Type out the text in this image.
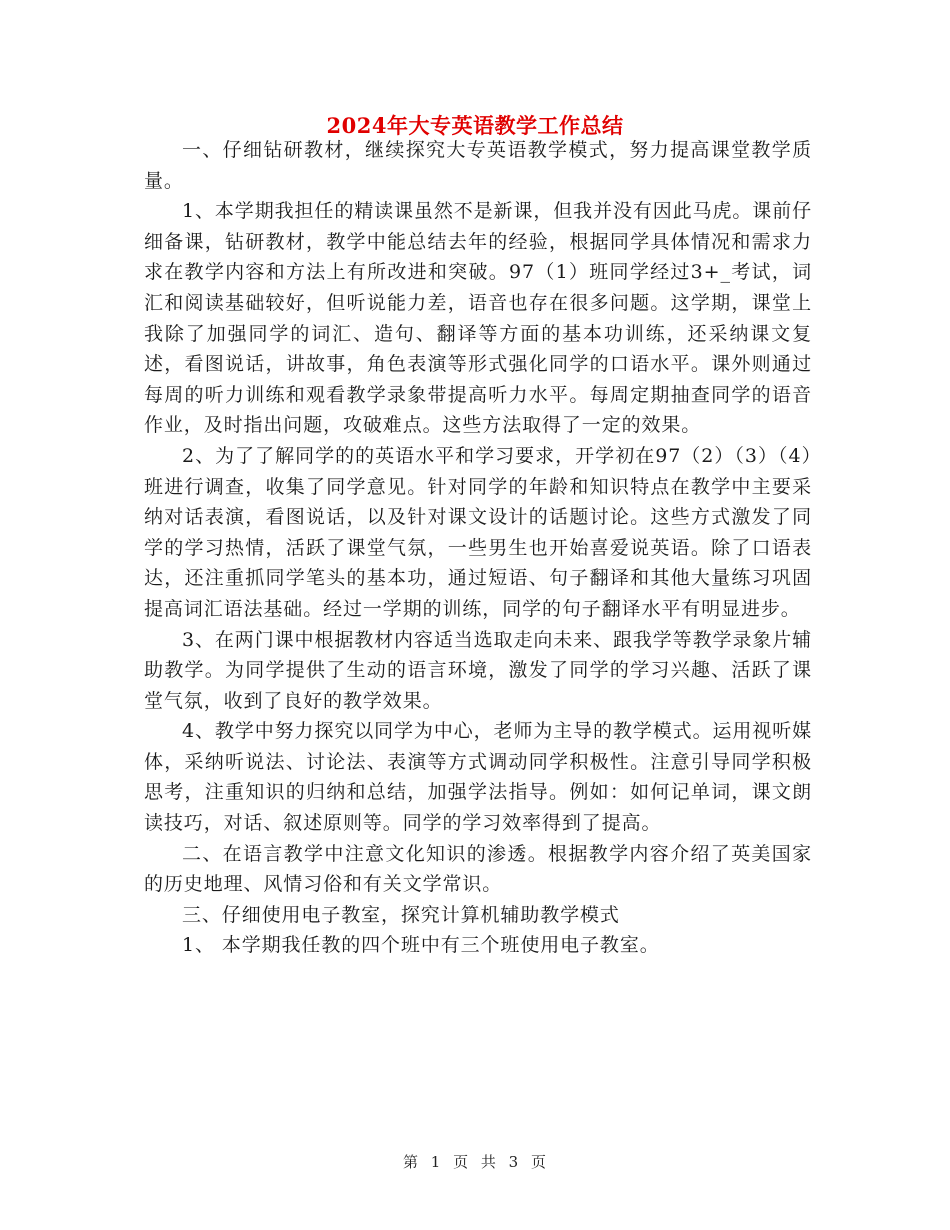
2024年大专英语教学工作总结

一、仔细钻研教材，继续探究大专英语教学模式，努力提高课堂教学质量。

1、本学期我担任的精读课虽然不是新课，但我并没有因此马虎。课前仔细备课，钻研教材，教学中能总结去年的经验，根据同学具体情况和需求力求在教学内容和方法上有所改进和突破。97（1）班同学经过3+_考试，词汇和阅读基础较好，但听说能力差，语音也存在很多问题。这学期，课堂上我除了加强同学的词汇、造句、翻译等方面的基本功训练，还采纳课文复述，看图说话，讲故事，角色表演等形式强化同学的口语水平。课外则通过每周的听力训练和观看教学录象带提高听力水平。每周定期抽查同学的语音作业，及时指出问题，攻破难点。这些方法取得了一定的效果。

2、为了了解同学的的英语水平和学习要求，开学初在97（2）（3）（4）班进行调查，收集了同学意见。针对同学的年龄和知识特点在教学中主要采纳对话表演，看图说话，以及针对课文设计的话题讨论。这些方式激发了同学的学习热情，活跃了课堂气氛，一些男生也开始喜爱说英语。除了口语表达，还注重抓同学笔头的基本功，通过短语、句子翻译和其他大量练习巩固提高词汇语法基础。经过一学期的训练，同学的句子翻译水平有明显进步。

3、在两门课中根据教材内容适当选取走向未来、跟我学等教学录象片辅助教学。为同学提供了生动的语言环境，激发了同学的学习兴趣、活跃了课堂气氛，收到了良好的教学效果。

4、教学中努力探究以同学为中心，老师为主导的教学模式。运用视听媒体，采纳听说法、讨论法、表演等方式调动同学积极性。注意引导同学积极思考，注重知识的归纳和总结，加强学法指导。例如：如何记单词，课文朗读技巧，对话、叙述原则等。同学的学习效率得到了提高。

二、在语言教学中注意文化知识的渗透。根据教学内容介绍了英美国家的历史地理、风情习俗和有关文学常识。

三、仔细使用电子教室，探究计算机辅助教学模式

1、 本学期我任教的四个班中有三个班使用电子教室。

第 1 页 共 3 页
